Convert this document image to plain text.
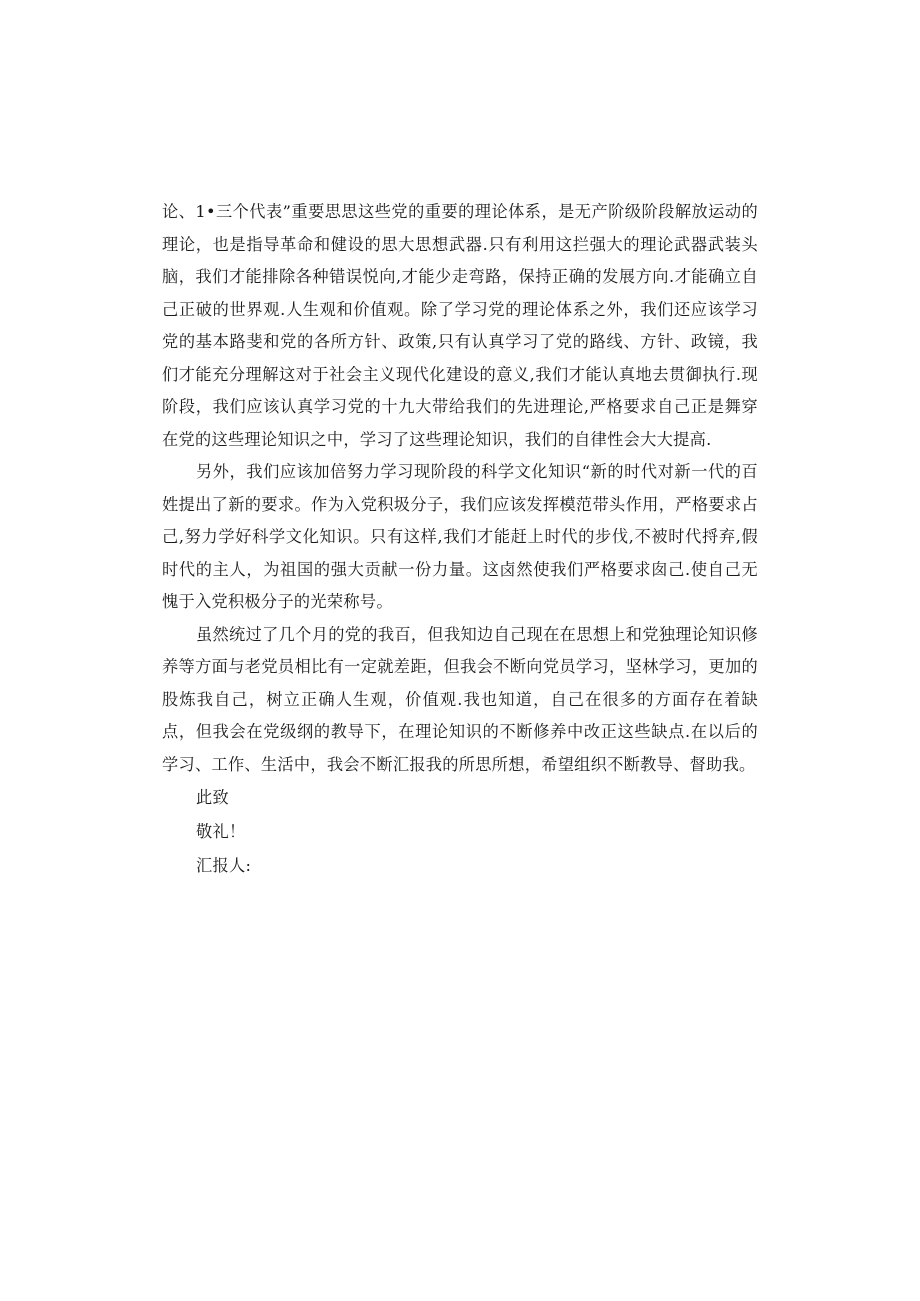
论、1•三个代表”重要思思这些党的重要的理论体系，是无产阶级阶段解放运动的理论，也是指导革命和健设的思大思想武器.只有利用这拦强大的理论武器武装头脑，我们才能排除各种错误悦向,才能少走弯路，保持正确的发展方向.才能确立自己正破的世界观.人生观和价值观。除了学习党的理论体系之外，我们还应该学习党的基本路斐和党的各所方针、政策,只有认真学习了党的路线、方针、政镜，我们才能充分理解这对于社会主义现代化建设的意义,我们才能认真地去贯御执行.现阶段，我们应该认真学习党的十九大带给我们的先进理论,严格要求自己正是舞穿在党的这些理论知识之中，学习了这些理论知识，我们的自律性会大大提高.

另外，我们应该加倍努力学习现阶段的科学文化知识“新的时代对新一代的百姓提出了新的要求。作为入党积圾分子，我们应该发挥模范带头作用，严格要求占己,努力学好科学文化知识。只有这样,我们才能赶上时代的步伐,不被时代捋弃,假时代的主人，为祖国的强大贡献一份力量。这卤然使我们严格要求囱己.使自己无愧于入党积极分子的光荣称号。

虽然统过了几个月的党的我百，但我知边自己现在在思想上和党独理论知识修养等方面与老党员相比有一定就差距，但我会不断向党员学习，坚林学习，更加的股炼我自己，树立正确人生观，价值观.我也知道，自己在很多的方面存在着缺点，但我会在党级纲的教导下，在理论知识的不断修养中改正这些缺点.在以后的学习、工作、生活中，我会不断汇报我的所思所想，希望组织不断教导、督助我。

此致

敬礼！

汇报人:
